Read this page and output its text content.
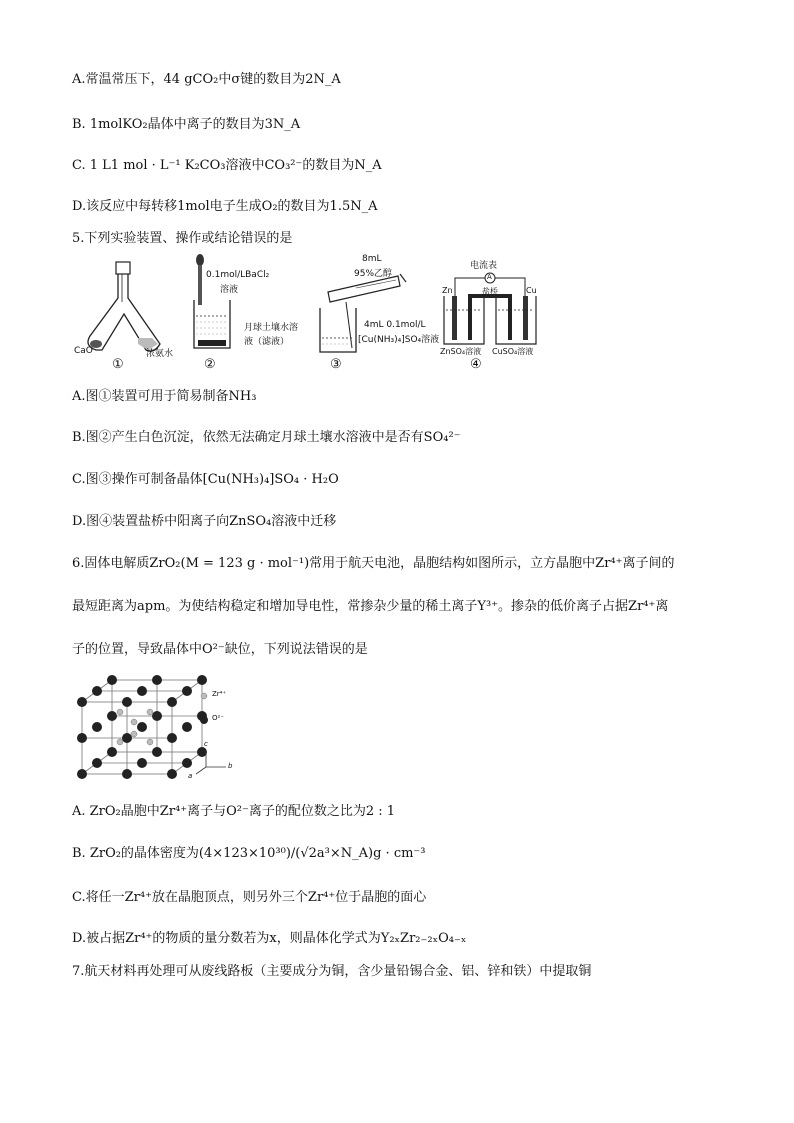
A.常温常压下，44 gCO₂中σ键的数目为2N_A
B. 1molKO₂晶体中离子的数目为3N_A
C. 1 L1 mol · L⁻¹ K₂CO₃溶液中CO₃²⁻的数目为N_A
D.该反应中每转移1mol电子生成O₂的数目为1.5N_A
5.下列实验装置、操作或结论错误的是
CaO	浓氨水
①
0.1mol/LBaCl₂
溶液
月球土壤水溶
液（滤液）
②
8mL
95%乙醇
4mL 0.1mol/L
[Cu(NH₃)₄]SO₄溶液
③
电流表
A
盐桥
Zn	Cu
ZnSO₄溶液 CuSO₄溶液
④
A.图①装置可用于简易制备NH₃
B.图②产生白色沉淀，依然无法确定月球土壤水溶液中是否有SO₄²⁻
C.图③操作可制备晶体[Cu(NH₃)₄]SO₄ · H₂O
D.图④装置盐桥中阳离子向ZnSO₄溶液中迁移
6.固体电解质ZrO₂(M = 123 g · mol⁻¹)常用于航天电池，晶胞结构如图所示，立方晶胞中Zr⁴⁺离子间的
最短距离为apm。为使结构稳定和增加导电性，常掺杂少量的稀土离子Y³⁺。掺杂的低价离子占据Zr⁴⁺离
子的位置，导致晶体中O²⁻缺位，下列说法错误的是
Zr⁴⁺
O²⁻
c
b
a
A. ZrO₂晶胞中Zr⁴⁺离子与O²⁻离子的配位数之比为2 : 1
B. ZrO₂的晶体密度为(4×123×10³⁰)/(√2a³×N_A)g · cm⁻³
C.将任一Zr⁴⁺放在晶胞顶点，则另外三个Zr⁴⁺位于晶胞的面心
D.被占据Zr⁴⁺的物质的量分数若为x，则晶体化学式为Y₂ₓZr₂₋₂ₓO₄₋ₓ
7.航天材料再处理可从废线路板（主要成分为铜，含少量铅锡合金、铝、锌和铁）中提取铜
